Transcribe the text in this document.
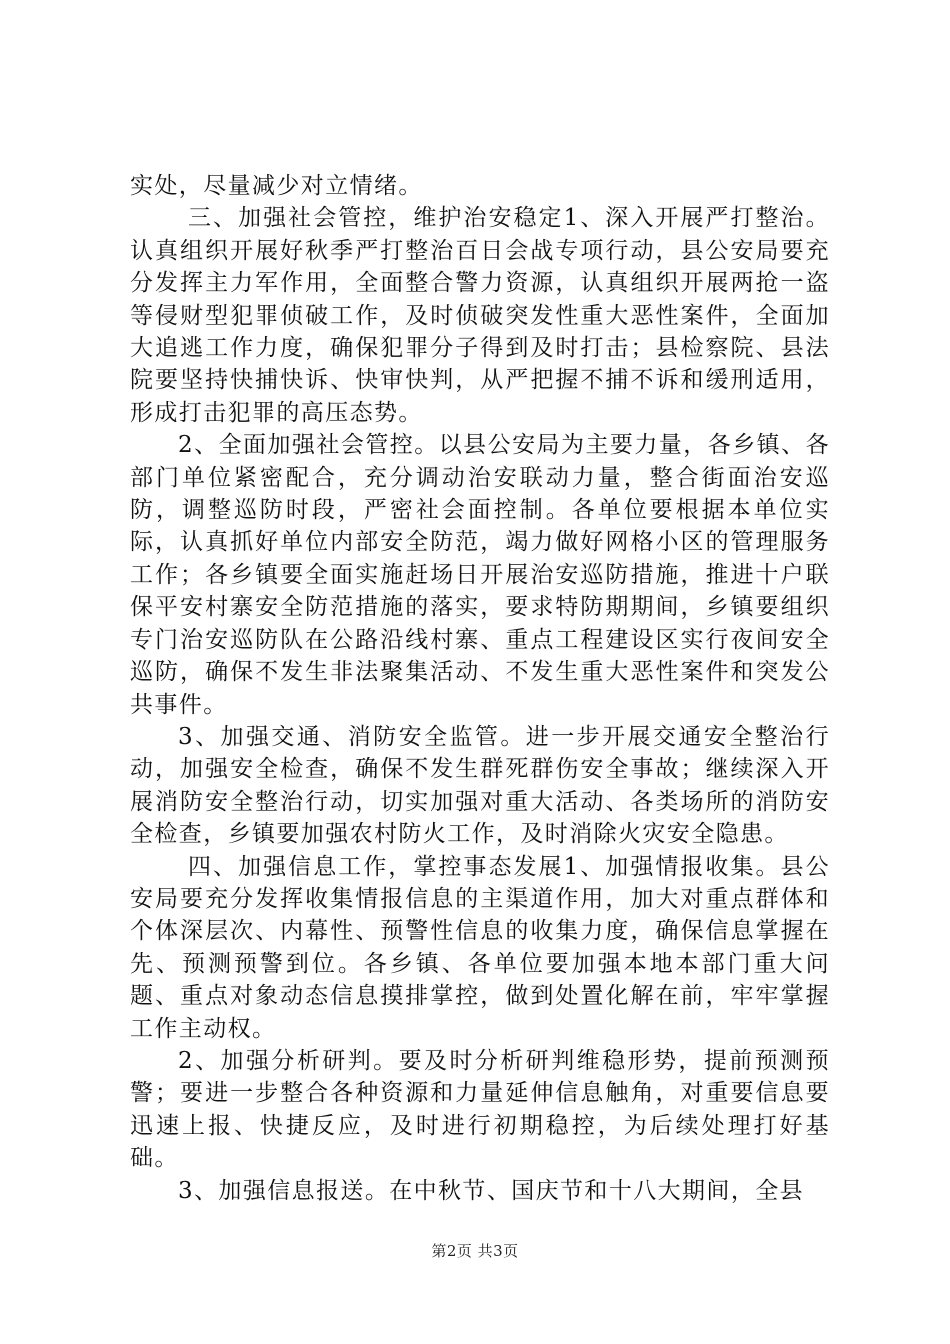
实处，尽量减少对立情绪。

三、加强社会管控，维护治安稳定1、深入开展严打整治。认真组织开展好秋季严打整治百日会战专项行动，县公安局要充分发挥主力军作用，全面整合警力资源，认真组织开展两抢一盗等侵财型犯罪侦破工作，及时侦破突发性重大恶性案件，全面加大追逃工作力度，确保犯罪分子得到及时打击；县检察院、县法院要坚持快捕快诉、快审快判，从严把握不捕不诉和缓刑适用，形成打击犯罪的高压态势。

2、全面加强社会管控。以县公安局为主要力量，各乡镇、各部门单位紧密配合，充分调动治安联动力量，整合街面治安巡防，调整巡防时段，严密社会面控制。各单位要根据本单位实际，认真抓好单位内部安全防范，竭力做好网格小区的管理服务工作；各乡镇要全面实施赶场日开展治安巡防措施，推进十户联保平安村寨安全防范措施的落实，要求特防期期间，乡镇要组织专门治安巡防队在公路沿线村寨、重点工程建设区实行夜间安全巡防，确保不发生非法聚集活动、不发生重大恶性案件和突发公共事件。

3、加强交通、消防安全监管。进一步开展交通安全整治行动，加强安全检查，确保不发生群死群伤安全事故；继续深入开展消防安全整治行动，切实加强对重大活动、各类场所的消防安全检查，乡镇要加强农村防火工作，及时消除火灾安全隐患。

四、加强信息工作，掌控事态发展1、加强情报收集。县公安局要充分发挥收集情报信息的主渠道作用，加大对重点群体和个体深层次、内幕性、预警性信息的收集力度，确保信息掌握在先、预测预警到位。各乡镇、各单位要加强本地本部门重大问题、重点对象动态信息摸排掌控，做到处置化解在前，牢牢掌握工作主动权。

2、加强分析研判。要及时分析研判维稳形势，提前预测预警；要进一步整合各种资源和力量延伸信息触角，对重要信息要迅速上报、快捷反应，及时进行初期稳控，为后续处理打好基础。

3、加强信息报送。在中秋节、国庆节和十八大期间，全县

第2页 共3页
